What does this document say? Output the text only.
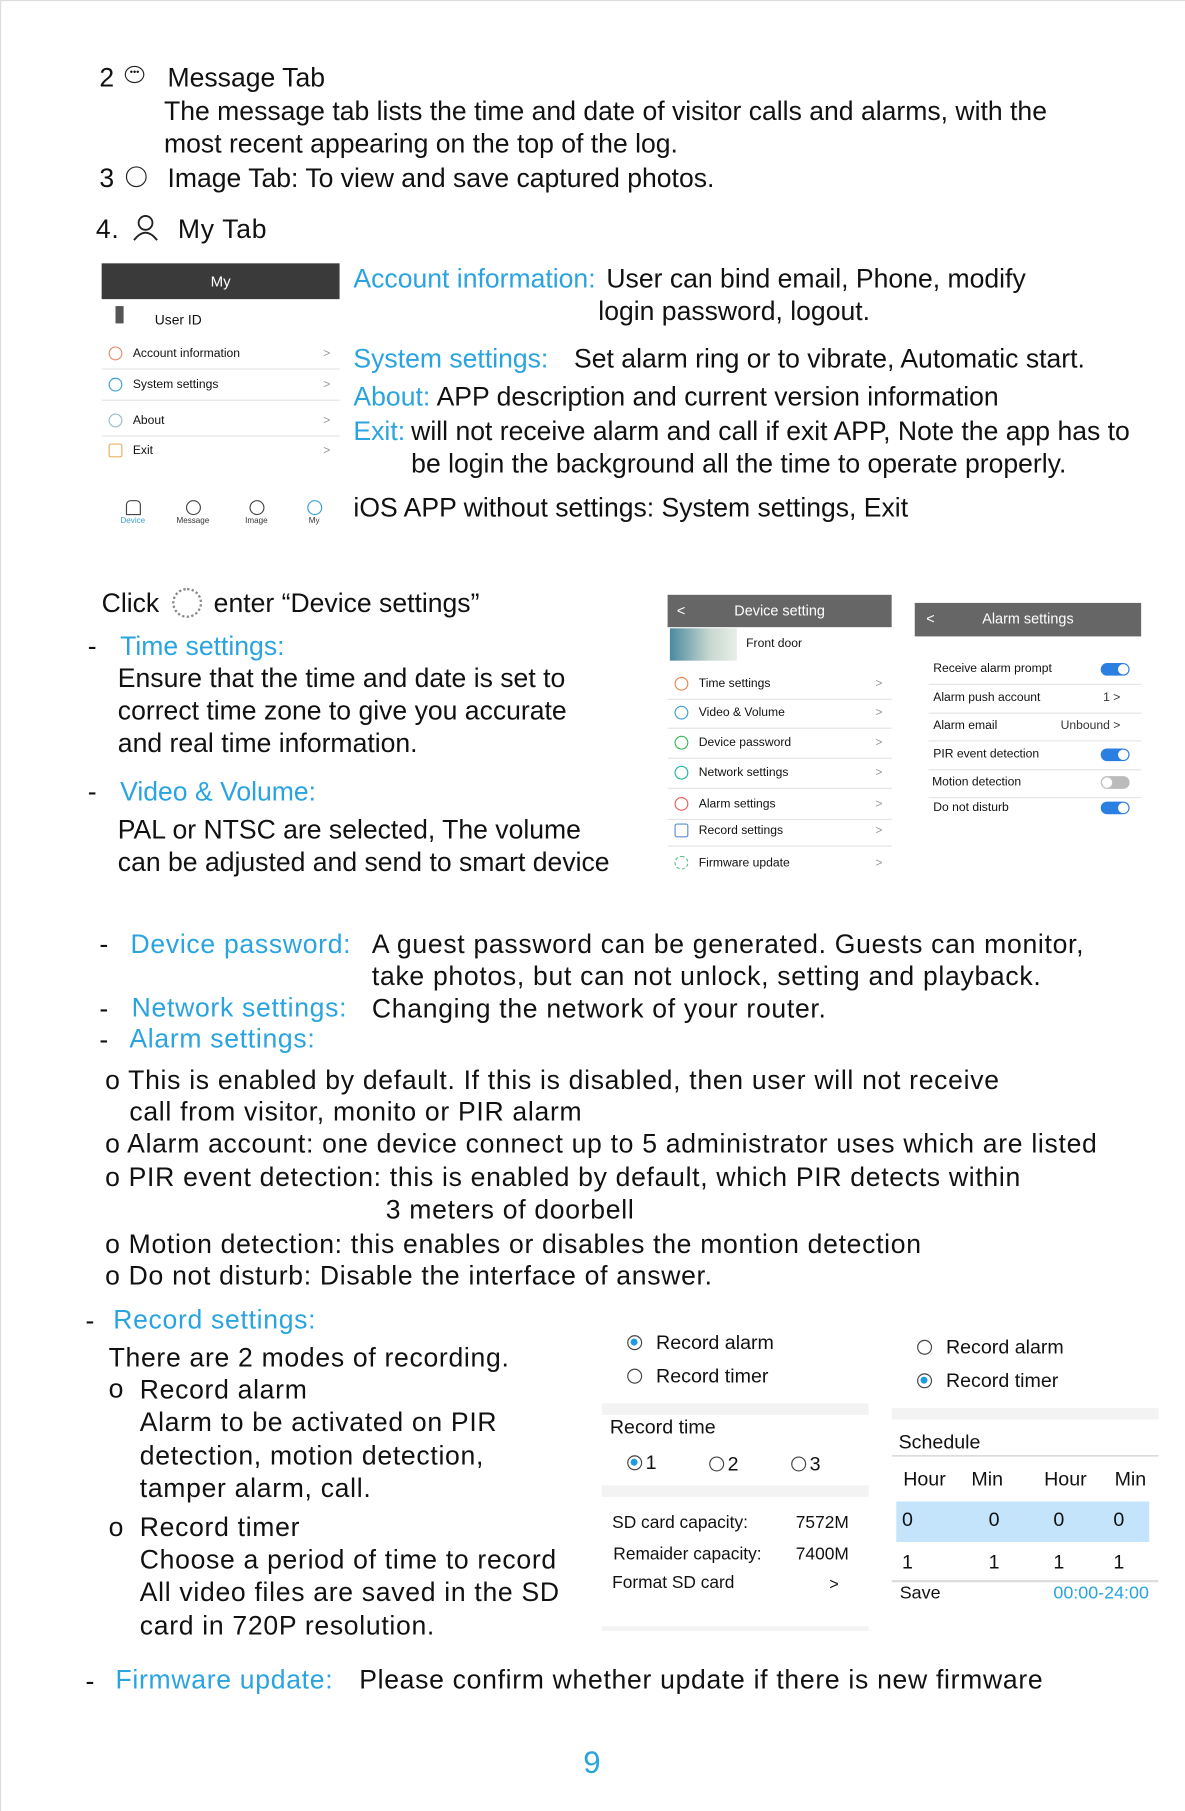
2	••• Message Tab
The message tab lists the time and date of visitor calls and alarms, with the
most recent appearing on the top of the log.
3 Image Tab: To view and save captured photos.
4.	My Tab
My
User ID
Account information	>
System settings	>
About	>
Exit	>
Device	Message	Image	My
Account information: User can bind email, Phone, modify
login password, logout.
System settings: Set alarm ring or to vibrate, Automatic start.
About: APP description and current version information
Exit: will not receive alarm and call if exit APP, Note the app has to
be login the background all the time to operate properly.
iOS APP without settings: System settings, Exit
Click enter “Device settings”
- Time settings:
Ensure that the time and date is set to
correct time zone to give you accurate
and real time information.
- Video & Volume:
PAL or NTSC are selected, The volume
can be adjusted and send to smart device
<	Device setting
Front door
Time settings	>
Video & Volume	>
Device password	>
Network settings	>
Alarm settings	>
Record settings	>
Firmware update	>
<	Alarm settings
Receive alarm prompt
Alarm push account	1 >
Alarm email	Unbound >
PIR event detection
Motion detection
Do not disturb
- Device password: A guest password can be generated. Guests can monitor,
take photos, but can not unlock, setting and playback.
- Network settings: Changing the network of your router.
- Alarm settings:
o This is enabled by default. If this is disabled, then user will not receive
call from visitor, monito or PIR alarm
o Alarm account: one device connect up to 5 administrator uses which are listed
o PIR event detection: this is enabled by default, which PIR detects within
3 meters of doorbell
o Motion detection: this enables or disables the montion detection
o Do not disturb: Disable the interface of answer.
- Record settings:
There are 2 modes of recording.
o Record alarm
Alarm to be activated on PIR
detection, motion detection,
tamper alarm, call.
o Record timer
Choose a period of time to record
All video files are saved in the SD
card in 720P resolution.
Record alarm
Record timer
Record time
1	2	3
SD card capacity:	7572M
Remaider capacity: 7400M
Format SD card	>
Record alarm
Record timer
Schedule
Hour Min Hour Min
0	0	0	0
1	1	1	1
Save	00:00-24:00
- Firmware update: Please confirm whether update if there is new firmware
9
